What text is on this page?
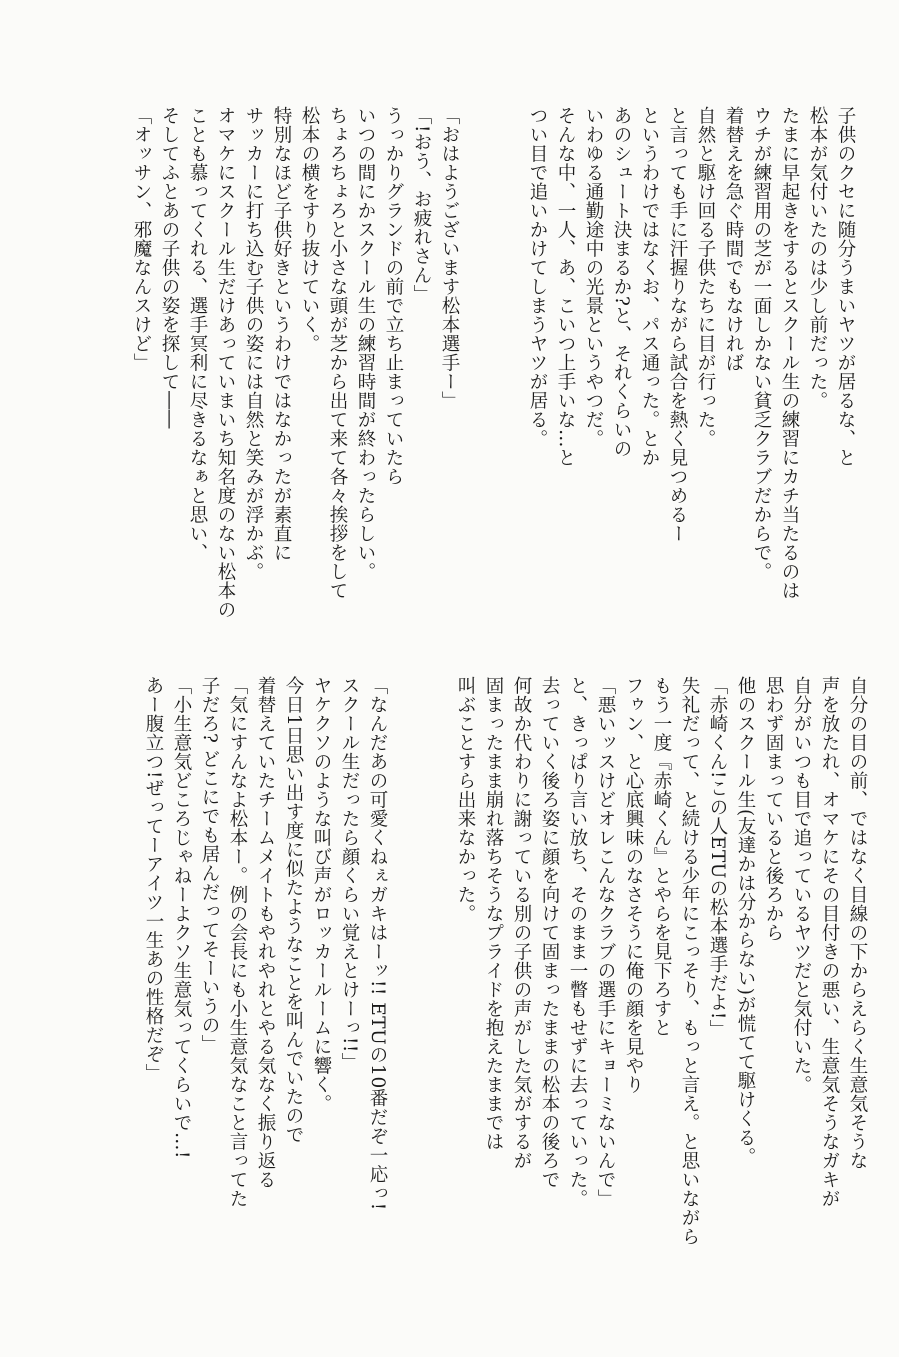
子供のクセに随分うまいヤツが居るな、と
松本が気付いたのは少し前だった。
たまに早起きをするとスクール生の練習にカチ当たるのは
ウチが練習用の芝が一面しかない貧乏クラブだからで。
着替えを急ぐ時間でもなければ
自然と駆け回る子供たちに目が行った。
と言っても手に汗握りながら試合を熱く見つめるー
というわけではなくお、パス通った。とか
あのシュート決まるか?と、それくらいの
いわゆる通勤途中の光景というやつだ。
そんな中、一人、あ、こいつ上手いな…と
つい目で追いかけてしまうヤツが居る。
「おはようございます松本選手ー」
「!おう、お疲れさん」
うっかりグランドの前で立ち止まっていたら
いつの間にかスクール生の練習時間が終わったらしい。
ちょろちょろと小さな頭が芝から出て来て各々挨拶をして
松本の横をすり抜けていく。
特別なほど子供好きというわけではなかったが素直に
サッカーに打ち込む子供の姿には自然と笑みが浮かぶ。
オマケにスクール生だけあっていまいち知名度のない松本の
ことも慕ってくれる、選手冥利に尽きるなぁと思い、
そしてふとあの子供の姿を探して――
「オッサン、邪魔なんスけど」
自分の目の前、ではなく目線の下からえらく生意気そうな
声を放たれ、オマケにその目付きの悪い、生意気そうなガキが
自分がいつも目で追っているヤツだと気付いた。
思わず固まっていると後ろから
他のスクール生(友達かは分からない)が慌てて駆けくる。
「赤崎くん!この人ETUの松本選手だよ!」
失礼だって、と続ける少年にこっそり、もっと言え。と思いながら
もう一度『赤崎くん』とやらを見下ろすと
フゥン、と心底興味のなさそうに俺の顔を見やり
「悪いッスけどオレこんなクラブの選手にキョーミないんで」
と、きっぱり言い放ち、そのまま一瞥もせずに去っていった。
去っていく後ろ姿に顔を向けて固まったままの松本の後ろで
何故か代わりに謝っている別の子供の声がした気がするが
固まったまま崩れ落ちそうなプライドを抱えたままでは
叫ぶことすら出来なかった。
「なんだあの可愛くねぇガキはーッ!! ETUの10番だぞ一応っ!
スクール生だったら顔くらい覚えとけーっ!!」
ヤケクソのような叫び声がロッカールームに響く。
今日1日思い出す度に似たようなことを叫んでいたので
着替えていたチームメイトもやれやれとやる気なく振り返る
「気にすんなよ松本ー。例の会長にも小生意気なこと言ってた
子だろ? どこにでも居んだってそーいうの」
「小生意気どころじゃねーよクソ生意気ってくらいで…!
あー腹立つ!ぜってーアイツ一生あの性格だぞ」
